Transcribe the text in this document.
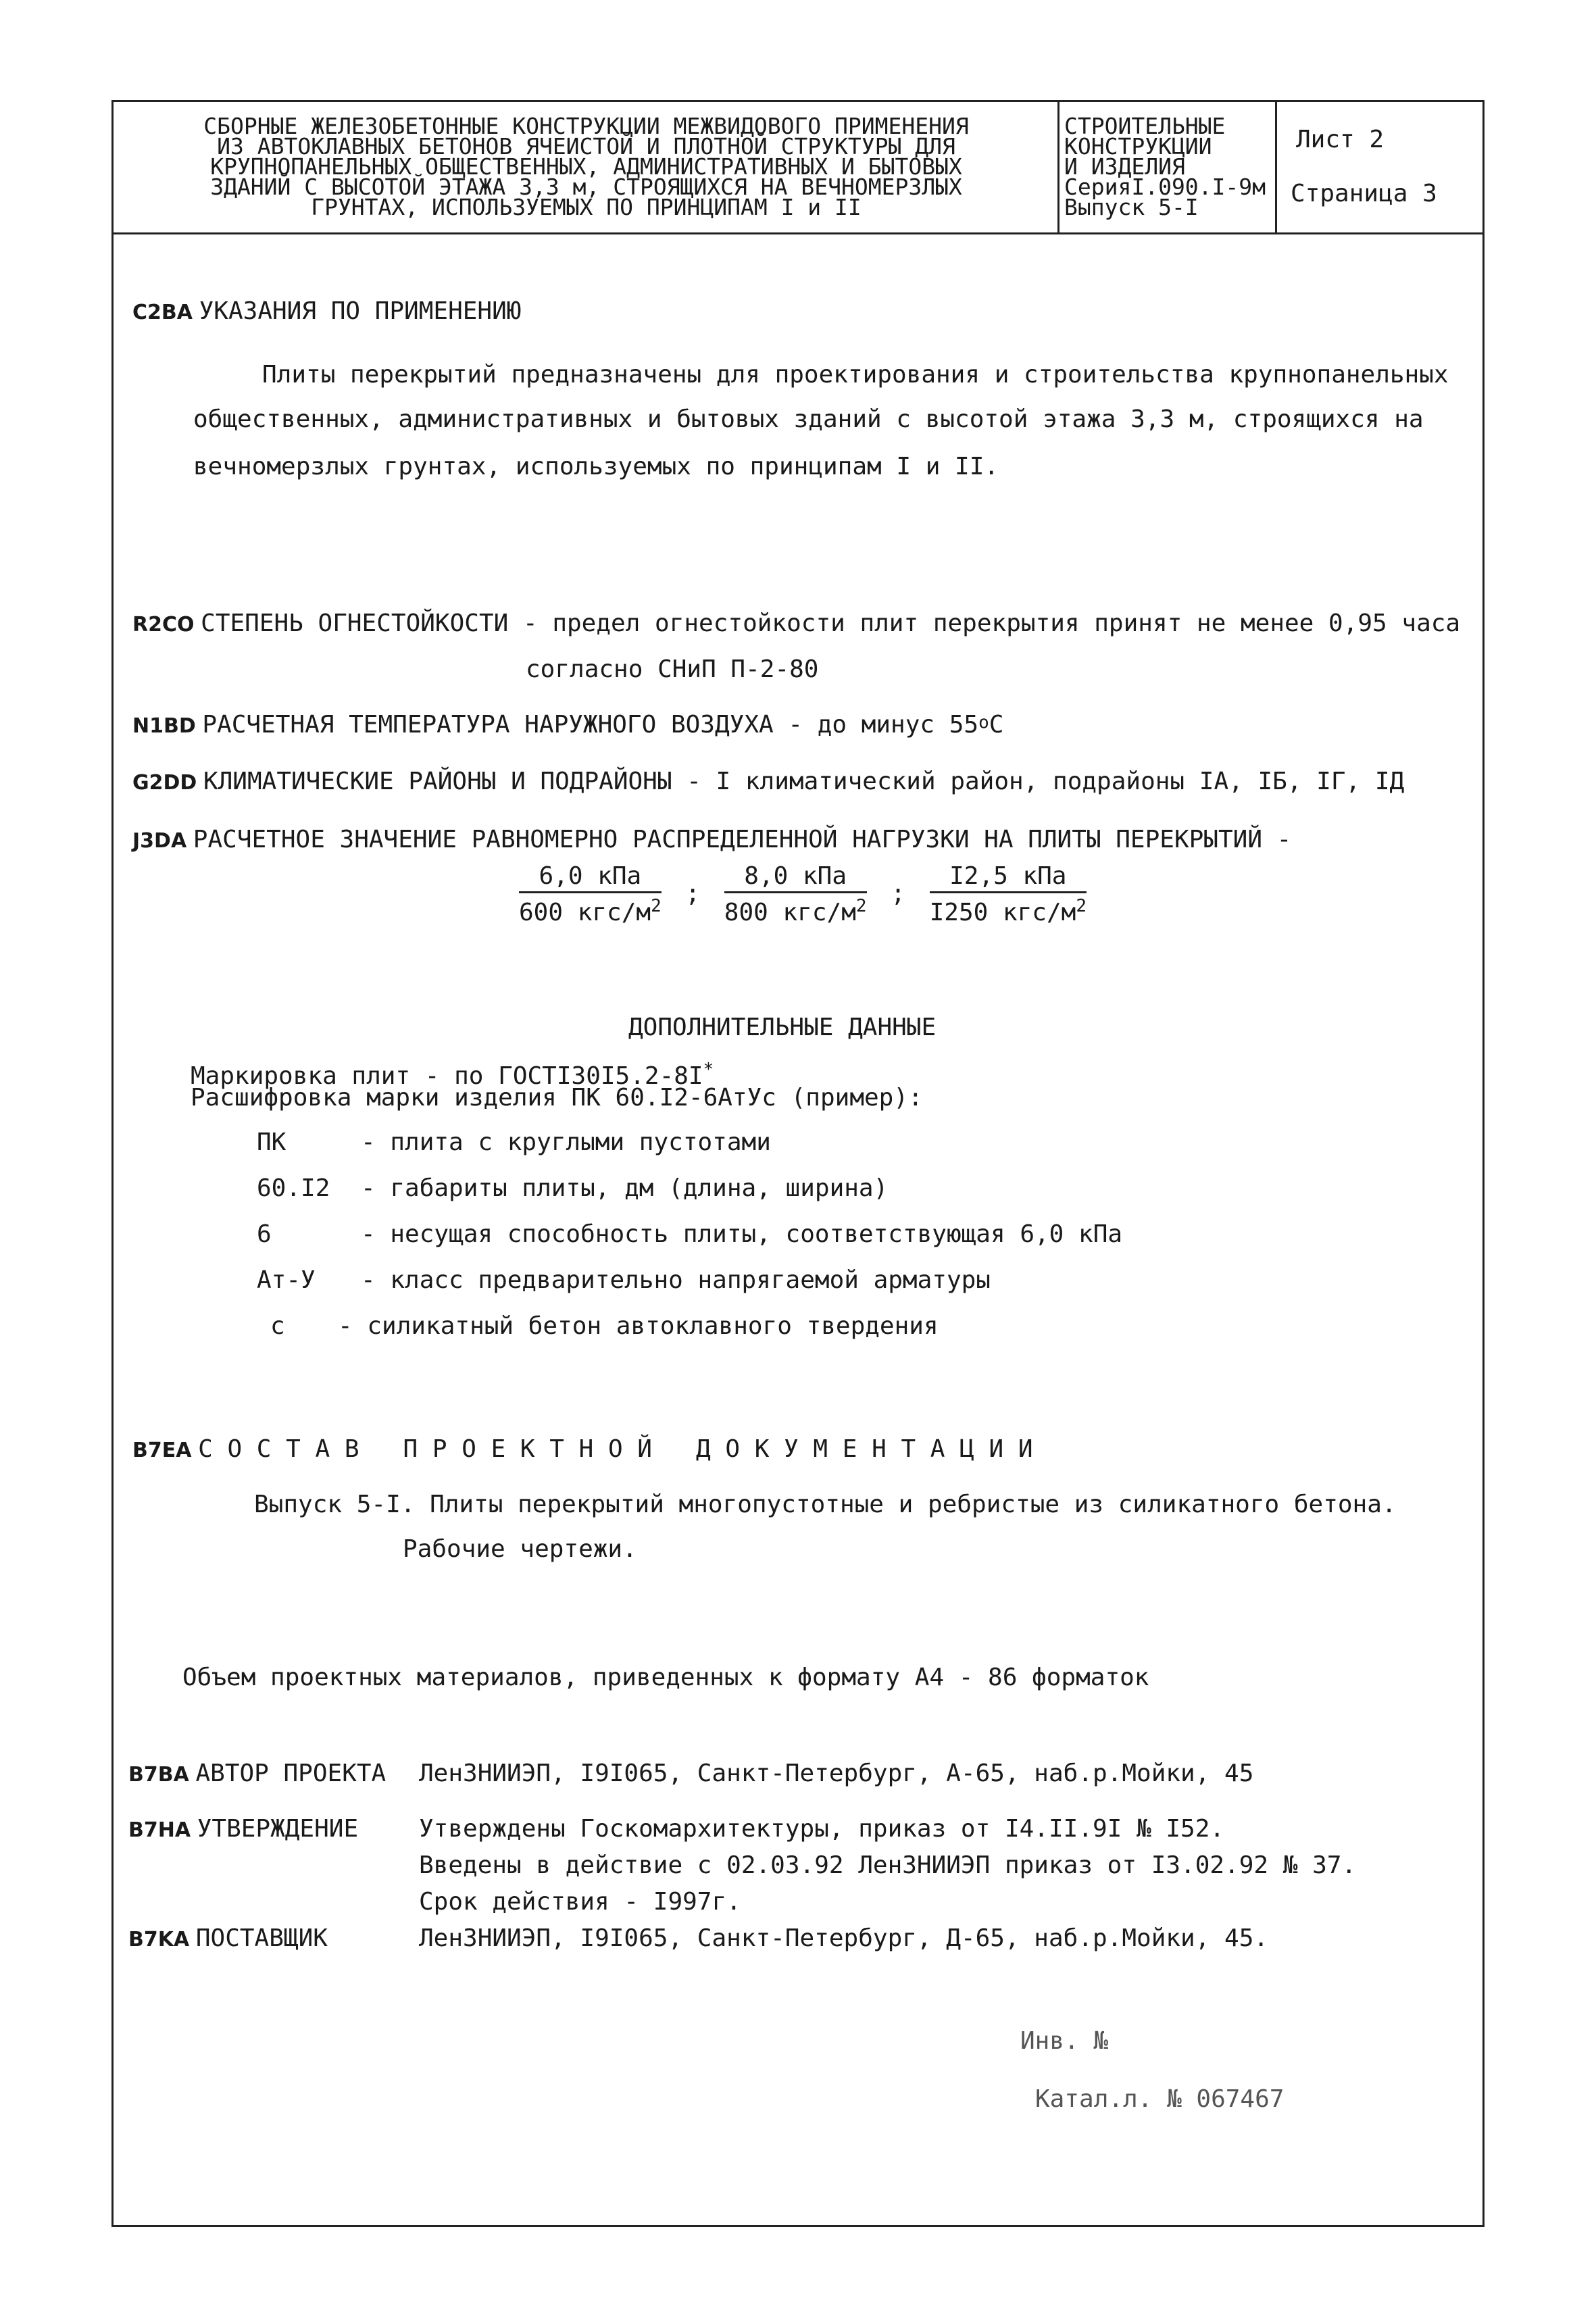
СБОРНЫЕ ЖЕЛЕЗОБЕТОННЫЕ КОНСТРУКЦИИ МЕЖВИДОВОГО ПРИМЕНЕНИЯ
ИЗ АВТОКЛАВНЫХ БЕТОНОВ ЯЧЕИСТОЙ И ПЛОТНОЙ СТРУКТУРЫ ДЛЯ
КРУПНОПАНЕЛЬНЫХ ОБЩЕСТВЕННЫХ, АДМИНИСТРАТИВНЫХ И БЫТОВЫХ
ЗДАНИЙ С ВЫСОТОЙ ЭТАЖА 3,3 м, СТРОЯЩИХСЯ НА ВЕЧНОМЕРЗЛЫХ
ГРУНТАХ, ИСПОЛЬЗУЕМЫХ ПО ПРИНЦИПАМ I и II
СТРОИТЕЛЬНЫЕ
КОНСТРУКЦИИ
И ИЗДЕЛИЯ
СерияI.090.I-9м
Выпуск 5-I
Лист 2
Страница 3
C2BA УКАЗАНИЯ ПО ПРИМЕНЕНИЮ
Плиты перекрытий предназначены для проектирования и строительства крупнопанельных
общественных, административных и бытовых зданий с высотой этажа 3,3 м, строящихся на
вечномерзлых грунтах, используемых по принципам I и II.
R2CO СТЕПЕНЬ ОГНЕСТОЙКОСТИ - предел огнестойкости плит перекрытия принят не менее 0,95 часа
согласно СНиП П-2-80
N1BD РАСЧЕТНАЯ ТЕМПЕРАТУРА НАРУЖНОГО ВОЗДУХА - до минус $55^оС$
G2DD КЛИМАТИЧЕСКИЕ РАЙОНЫ И ПОДРАЙОНЫ - I климатический район, подрайоны IА, IБ, IГ, IД
J3DA РАСЧЕТНОЕ ЗНАЧЕНИЕ РАВНОМЕРНО РАСПРЕДЕЛЕННОЙ НАГРУЗКИ НА ПЛИТЫ ПЕРЕКРЫТИЙ -
$\frac{\text{6,0 кПа}}{600 кгс/м^2}$ ; $\frac{\text{8,0 кПа}}{800 кгс/м^2}$ ; $\frac{\text{I2,5 кПа}}{I250 кгс/м^2}$
ДОПОЛНИТЕЛЬНЫЕ ДАННЫЕ
Маркировка плит - по ГОСТI30I5.2-8I*
Расшифровка марки изделия ПК 60.I2-6АтУс (пример):
ПК	- плита с круглыми пустотами
60.I2 - габариты плиты, дм (длина, ширина)
6	- несущая способность плиты, соответствующая 6,0 кПа
Ат-У - класс предварительно напрягаемой арматуры
с - силикатный бетон автоклавного твердения
B7EA С О С Т А В   П Р О Е К Т Н О Й   Д О К У М Е Н Т А Ц И И
Выпуск 5-I. Плиты перекрытий многопустотные и ребристые из силикатного бетона.
Рабочие чертежи.
Объем проектных материалов, приведенных к формату А4 - 86 форматок
B7BA АВТОР ПРОЕКТА ЛенЗНИИЭП, I9I065, Санкт-Петербург, А-65, наб.р.Мойки, 45
B7HA УТВЕРЖДЕНИЕ Утверждены Госкомархитектуры, приказ от I4.II.9I № I52.
Введены в действие с 02.03.92 ЛенЗНИИЭП приказ от I3.02.92 № 37.
Срок действия - I997г.
B7KA ПОСТАВЩИК	ЛенЗНИИЭП, I9I065, Санкт-Петербург, Д-65, наб.р.Мойки, 45.
Инв. №
Катал.л. № 067467
